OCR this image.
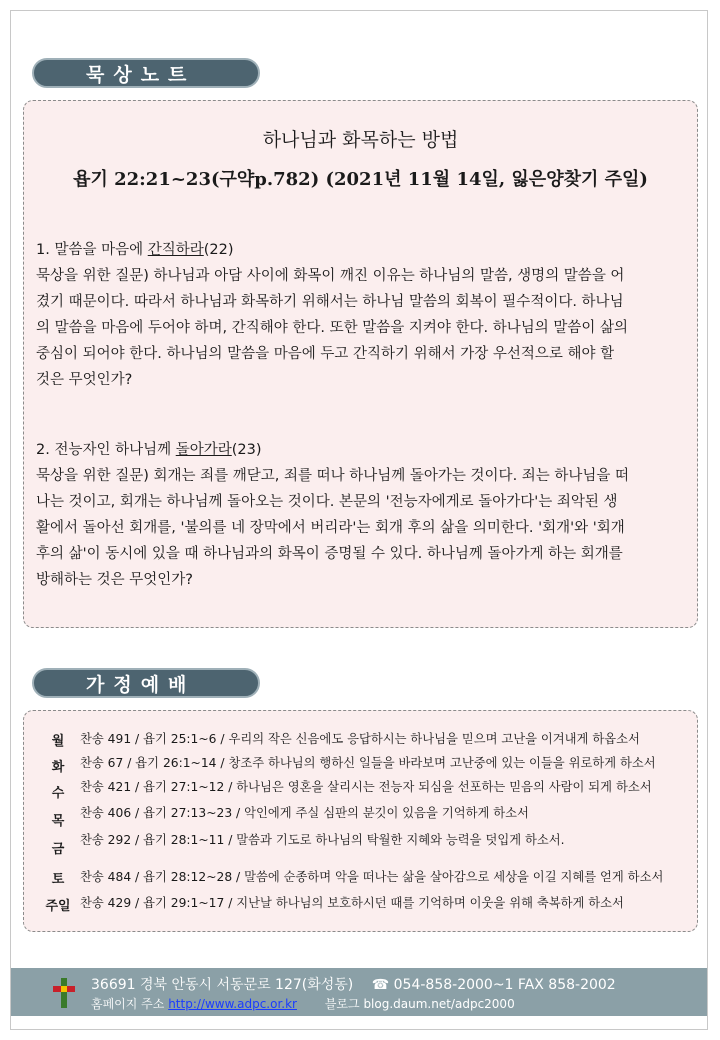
묵상노트
하나님과 화목하는 방법
욥기 22:21~23(구약p.782) (2021년 11월 14일, 잃은양찾기 주일)
1. 말씀을 마음에 간직하라(22)
묵상을 위한 질문) 하나님과 아담 사이에 화목이 깨진 이유는 하나님의 말씀, 생명의 말씀을 어
겼기 때문이다. 따라서 하나님과 화목하기 위해서는 하나님 말씀의 회복이 필수적이다. 하나님
의 말씀을 마음에 두어야 하며, 간직해야 한다. 또한 말씀을 지켜야 한다. 하나님의 말씀이 삶의
중심이 되어야 한다. 하나님의 말씀을 마음에 두고 간직하기 위해서 가장 우선적으로 해야 할
것은 무엇인가?
2. 전능자인 하나님께 돌아가라(23)
묵상을 위한 질문) 회개는 죄를 깨닫고, 죄를 떠나 하나님께 돌아가는 것이다. 죄는 하나님을 떠
나는 것이고, 회개는 하나님께 돌아오는 것이다. 본문의 '전능자에게로 돌아가다'는 죄악된 생
활에서 돌아선 회개를, '불의를 네 장막에서 버리라'는 회개 후의 삶을 의미한다. '회개'와 '회개
후의 삶'이 동시에 있을 때 하나님과의 화목이 증명될 수 있다. 하나님께 돌아가게 하는 회개를
방해하는 것은 무엇인가?
가정예배
월
화
수
목
금
토
주일
찬송 491 / 욥기 25:1~6 / 우리의 작은 신음에도 응답하시는 하나님을 믿으며 고난을 이겨내게 하옵소서
찬송 67 / 욥기 26:1~14 / 창조주 하나님의 행하신 일들을 바라보며 고난중에 있는 이들을 위로하게 하소서
찬송 421 / 욥기 27:1~12 / 하나님은 영혼을 살리시는 전능자 되심을 선포하는 믿음의 사람이 되게 하소서
찬송 406 / 욥기 27:13~23 / 악인에게 주실 심판의 분깃이 있음을 기억하게 하소서
찬송 292 / 욥기 28:1~11 / 말씀과 기도로 하나님의 탁월한 지혜와 능력을 덧입게 하소서.
찬송 484 / 욥기 28:12~28 / 말씀에 순종하며 악을 떠나는 삶을 살아감으로 세상을 이길 지혜를 얻게 하소서
찬송 429 / 욥기 29:1~17 / 지난날 하나님의 보호하시던 때를 기억하며 이웃을 위해 축복하게 하소서
36691 경북 안동시 서동문로 127(화성동) ☎ 054-858-2000~1 FAX 858-2002
홈페이지 주소 http://www.adpc.or.kr 블로그 blog.daum.net/adpc2000
